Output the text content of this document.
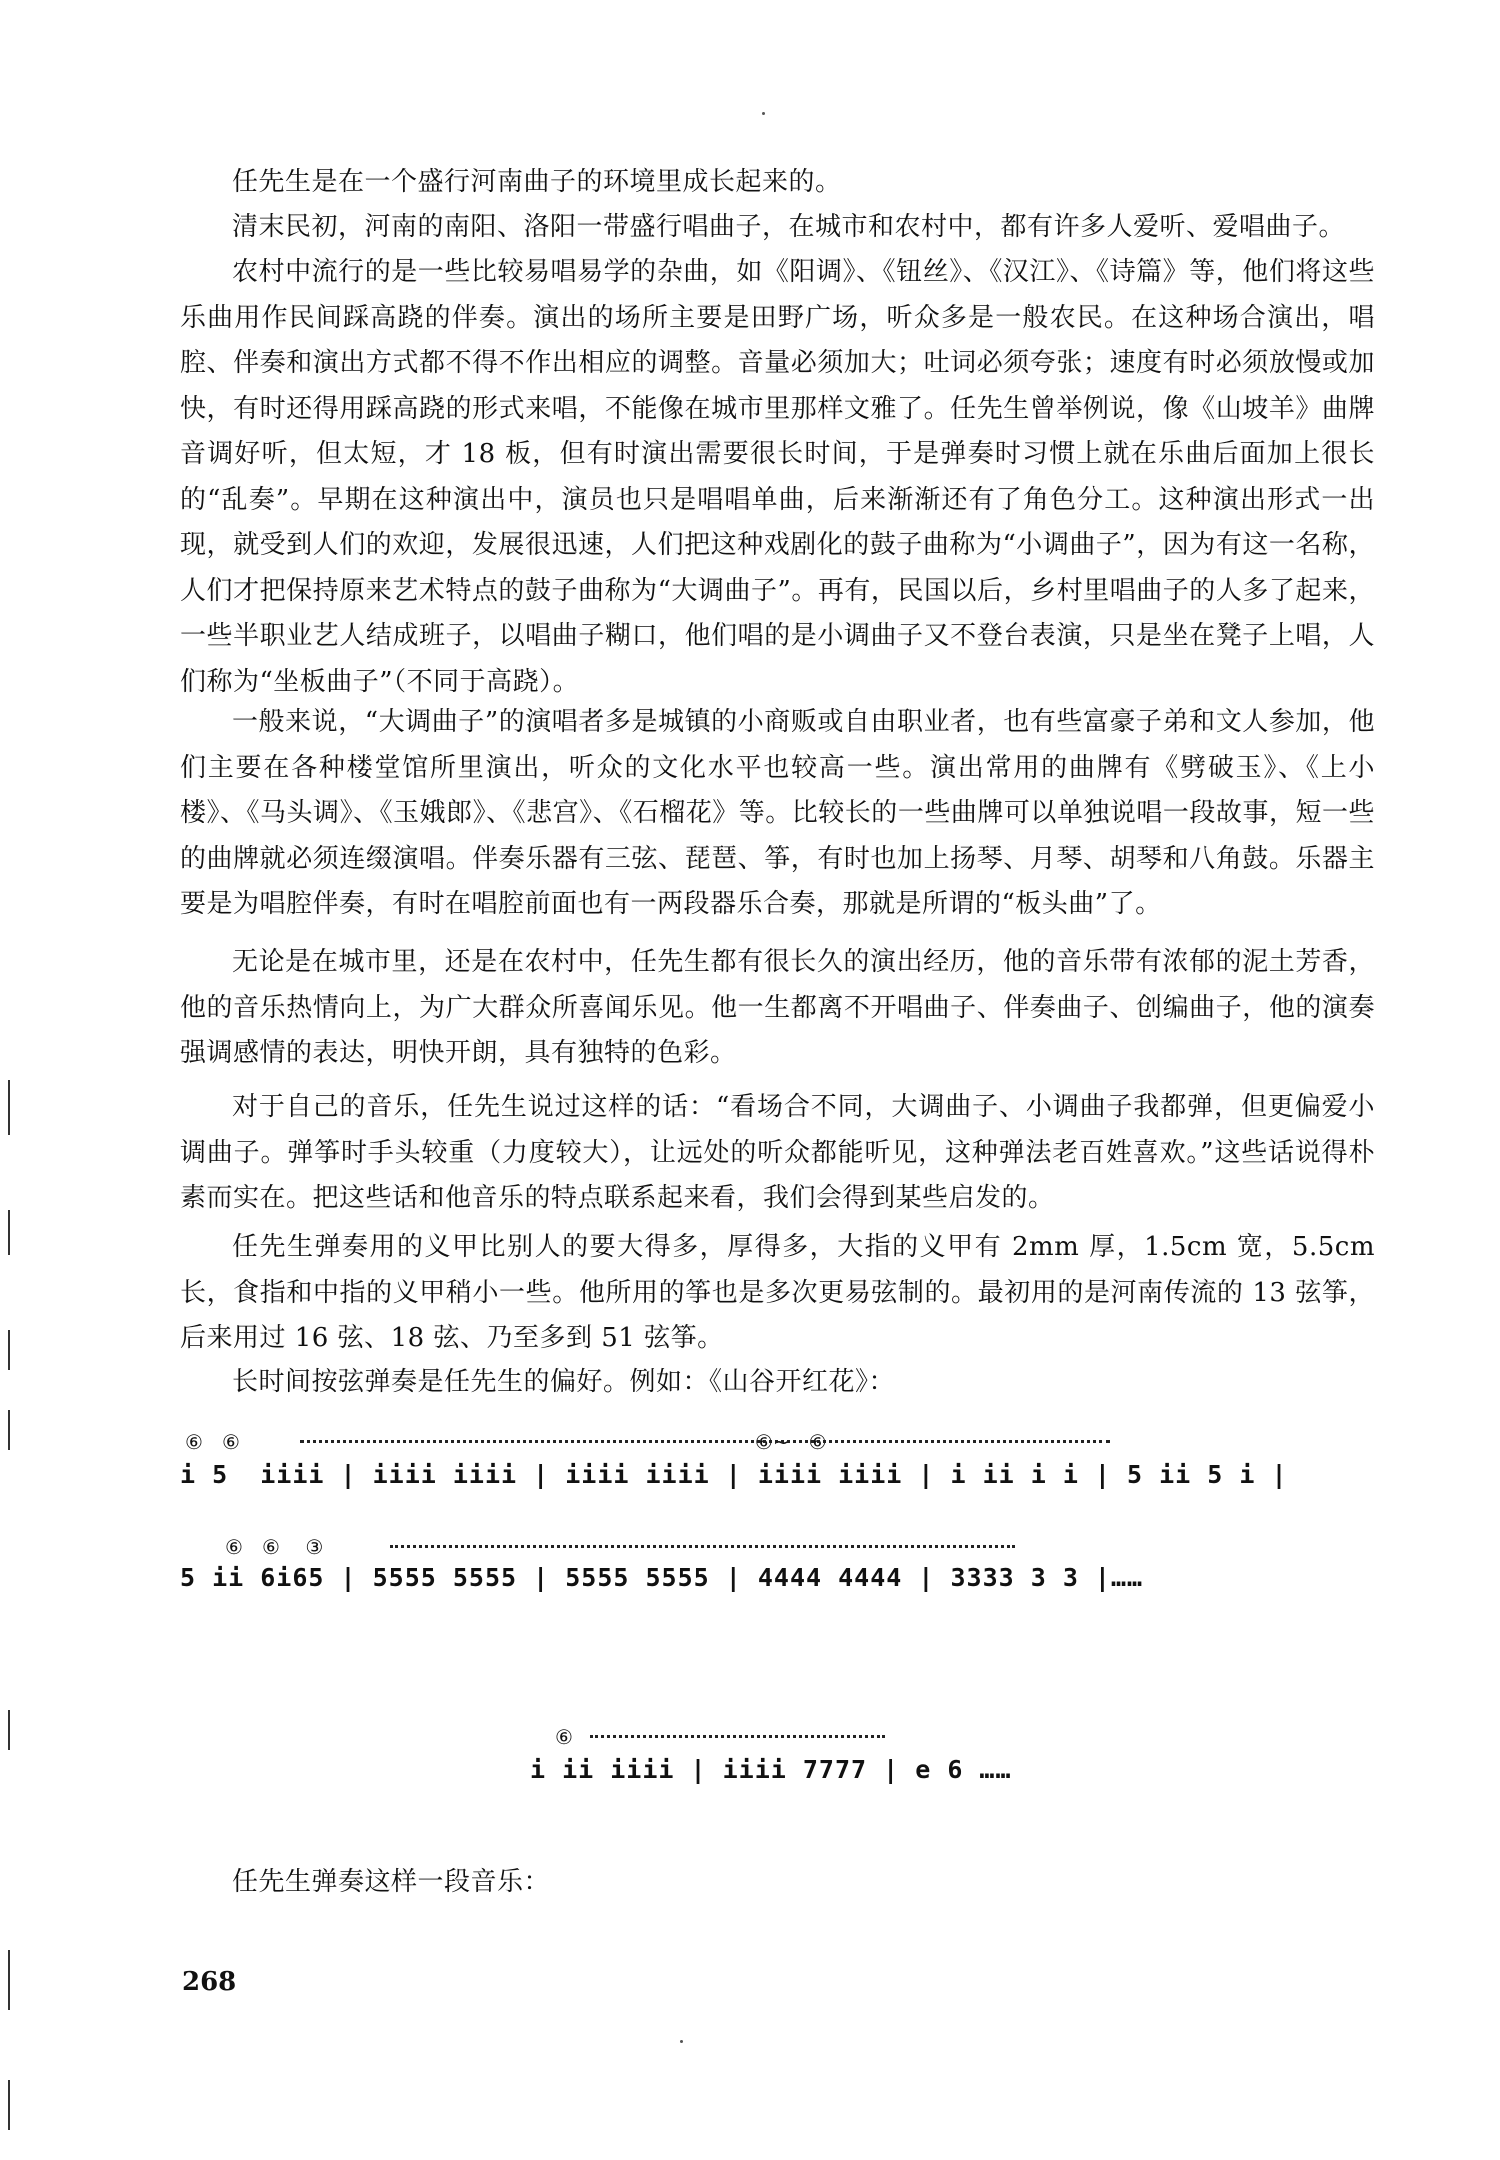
任先生是在一个盛行河南曲子的环境里成长起来的。

清末民初，河南的南阳、洛阳一带盛行唱曲子，在城市和农村中，都有许多人爱听、爱唱曲子。

农村中流行的是一些比较易唱易学的杂曲，如《阳调》、《钮丝》、《汉江》、《诗篇》等，他们将这些乐曲用作民间踩高跷的伴奏。演出的场所主要是田野广场，听众多是一般农民。在这种场合演出，唱腔、伴奏和演出方式都不得不作出相应的调整。音量必须加大；吐词必须夸张；速度有时必须放慢或加快，有时还得用踩高跷的形式来唱，不能像在城市里那样文雅了。任先生曾举例说，像《山坡羊》曲牌音调好听，但太短，才 18 板，但有时演出需要很长时间，于是弹奏时习惯上就在乐曲后面加上很长的“乱奏”。早期在这种演出中，演员也只是唱唱单曲，后来渐渐还有了角色分工。这种演出形式一出现，就受到人们的欢迎，发展很迅速，人们把这种戏剧化的鼓子曲称为“小调曲子”，因为有这一名称，人们才把保持原来艺术特点的鼓子曲称为“大调曲子”。再有，民国以后，乡村里唱曲子的人多了起来，一些半职业艺人结成班子，以唱曲子糊口，他们唱的是小调曲子又不登台表演，只是坐在凳子上唱，人们称为“坐板曲子”（不同于高跷）。

一般来说，“大调曲子”的演唱者多是城镇的小商贩或自由职业者，也有些富豪子弟和文人参加，他们主要在各种楼堂馆所里演出，听众的文化水平也较高一些。演出常用的曲牌有《劈破玉》、《上小楼》、《马头调》、《玉娥郎》、《悲宫》、《石榴花》等。比较长的一些曲牌可以单独说唱一段故事，短一些的曲牌就必须连缀演唱。伴奏乐器有三弦、琵琶、筝，有时也加上扬琴、月琴、胡琴和八角鼓。乐器主要是为唱腔伴奏，有时在唱腔前面也有一两段器乐合奏，那就是所谓的“板头曲”了。

无论是在城市里，还是在农村中，任先生都有很长久的演出经历，他的音乐带有浓郁的泥土芳香，他的音乐热情向上，为广大群众所喜闻乐见。他一生都离不开唱曲子、伴奏曲子、创编曲子，他的演奏强调感情的表达，明快开朗，具有独特的色彩。

对于自己的音乐，任先生说过这样的话：“看场合不同，大调曲子、小调曲子我都弹，但更偏爱小调曲子。弹筝时手头较重（力度较大），让远处的听众都能听见，这种弹法老百姓喜欢。”这些话说得朴素而实在。把这些话和他音乐的特点联系起来看，我们会得到某些启发的。

任先生弹奏用的义甲比别人的要大得多，厚得多，大指的义甲有 2mm 厚，1.5cm 宽，5.5cm 长，食指和中指的义甲稍小一些。他所用的筝也是多次更易弦制的。最初用的是河南传流的 13 弦筝，后来用过 16 弦、18 弦、乃至多到 51 弦筝。

长时间按弦弹奏是任先生的偏好。例如：《山谷开红花》：

⑥   ⑥                                                                                 ⑥~   ⑥
i 5  iiii | iiii iiii | iiii iiii | iiii iiii | i ii i i | 5 ii 5 i |
⑥   ⑥    ③
5 ii 6i65 | 5555 5555 | 5555 5555 | 4444 4444 | 3333 3 3 |……
⑥
i ii iiii | iiii 7777 | e 6 ……

任先生弹奏这样一段音乐：

268
